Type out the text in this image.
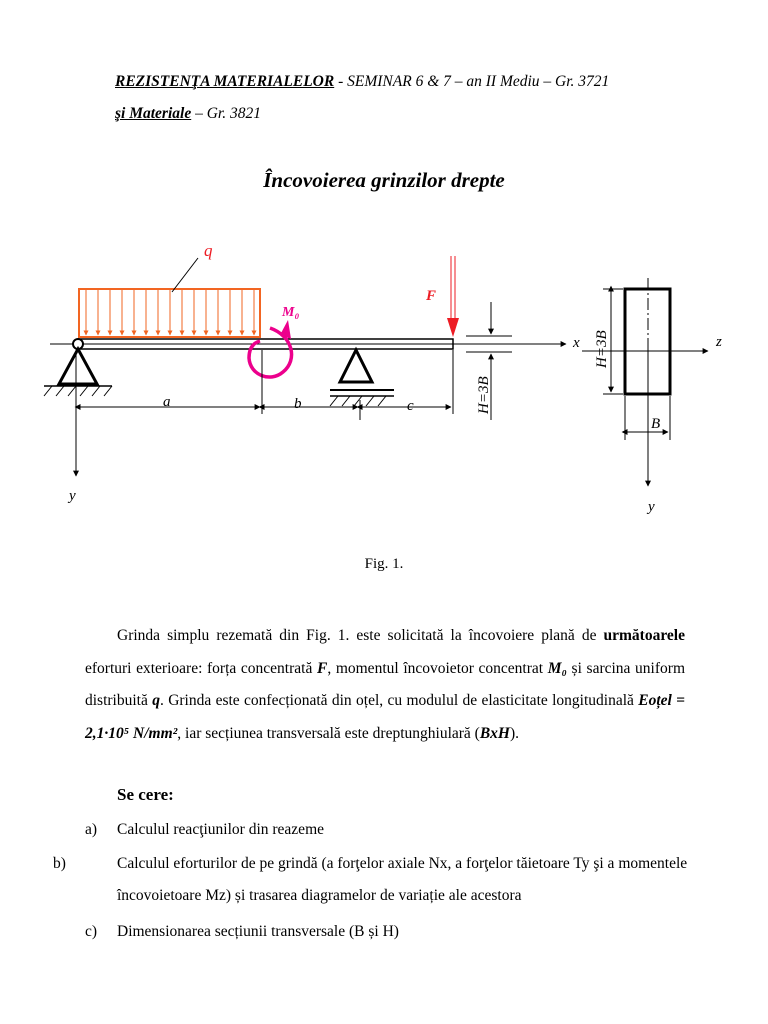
REZISTENŢA MATERIALELOR - SEMINAR 6 & 7 – an II Mediu – Gr. 3721
şi Materiale – Gr. 3821
Încovoierea grinzilor drepte
q
F
M₀
y
x
a	b	c	H=3B
H=3B
B
z
y
Fig. 1.
Grinda simplu rezemată din Fig. 1. este solicitată la încovoiere plană de următoarele eforturi exterioare: forța concentrată F, momentul încovoietor concentrat M₀ și sarcina uniform distribuită q. Grinda este confecționată din oțel, cu modulul de elasticitate longitudinală Eoțel = 2,1·10⁵ N/mm², iar secțiunea transversală este dreptunghiulară (BxH).
Se cere:
a) Calculul reacţiunilor din reazeme
b)	Calculul eforturilor de pe grindă (a forţelor axiale Nx, a forţelor tăietoare Ty şi a momentele încovoietoare Mz) și trasarea diagramelor de variație ale acestora
c) Dimensionarea secțiunii transversale (B și H)
